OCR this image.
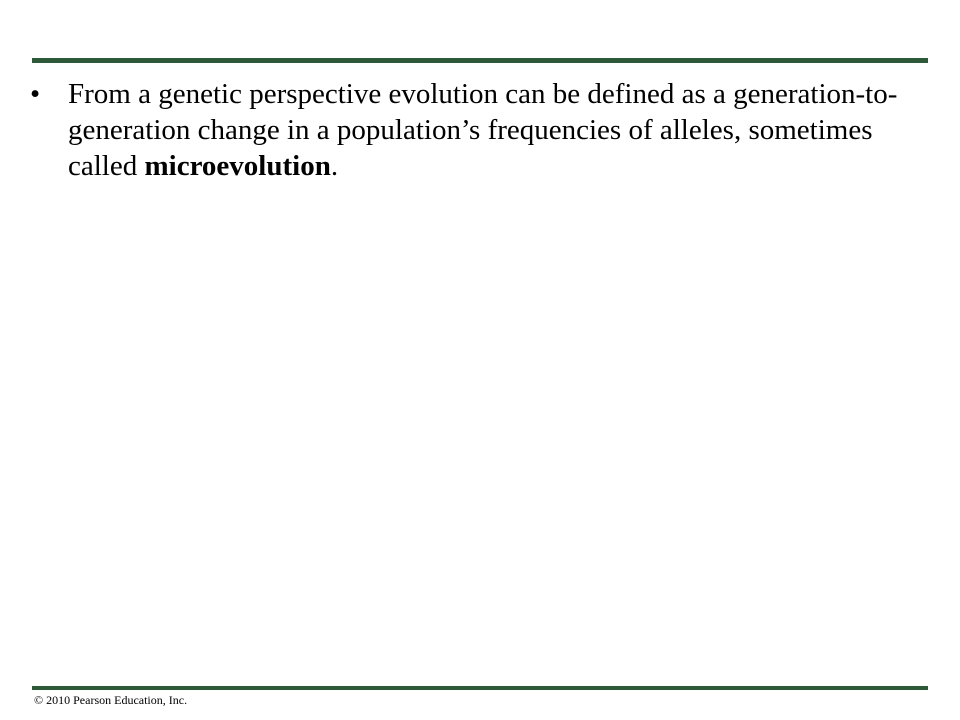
• From a genetic perspective evolution can be defined as a generation-to-generation change in a population’s frequencies of alleles, sometimes called microevolution.
© 2010 Pearson Education, Inc.
